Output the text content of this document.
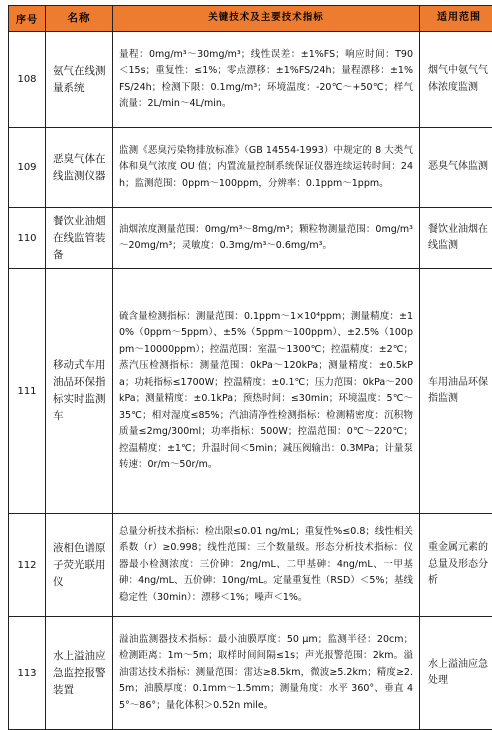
序号	名称	关键技术及主要技术指标	适用范围
108	氨气在线测量系统	量程：0mg/m³～30mg/m³；线性误差：±1%FS；响应时间：T90 ＜15s；重复性：≤1%；零点漂移：±1%FS/24h；量程漂移：±1%FS/24h；检测下限：0.1mg/m³；环境温度：-20℃～+50℃；样气流量：2L/min～4L/min。	烟气中氨气气体浓度监测
109	恶臭气体在线监测仪器	监测《恶臭污染物排放标准》（GB 14554-1993）中规定的 8 大类气体和臭气浓度 OU 值；内置流量控制系统保证仪器连续运转时间：24h；监测范围：0ppm～100ppm，分辨率：0.1ppm～1ppm。	恶臭气体监测
110	餐饮业油烟在线监管装备	油烟浓度测量范围：0mg/m³～8mg/m³；颗粒物测量范围：0mg/m³～20mg/m³；灵敏度：0.3mg/m³～0.6mg/m³。	餐饮业油烟在线监测
111	移动式车用油品环保指标实时监测车	硫含量检测指标：测量范围：0.1ppm～1×10⁴ppm；测量精度：±10%（0ppm～5ppm）、±5%（5ppm～100ppm）、±2.5%（100ppm～10000ppm）；控温范围：室温～1300℃；控温精度：±2℃；蒸汽压检测指标：测量范围：0kPa～120kPa；测量精度：±0.5kPa；功耗指标≤1700W；控温精度：±0.1℃；压力范围：0kPa～200kPa；测量精度：±0.1kPa；预热时间：≤30min；环境温度：5℃～35℃；相对湿度≤85%；汽油清净性检测指标：检测精密度：沉积物质量≤2mg/300ml；功率指标：500W；控温范围：0℃～220℃；控温精度：±1℃；升温时间＜5min；减压阀输出：0.3MPa；计量泵转速：0r/m～50r/m。	车用油品环保指监测
112	液相色谱原子荧光联用仪	总量分析技术指标：检出限≤0.01 ng/mL；重复性%≤0.8；线性相关系数（r）≥0.998；线性范围：三个数量级。形态分析技术指标：仪器最小检测浓度：三价砷：2ng/mL、二甲基砷：4ng/mL、一甲基砷：4ng/mL、五价砷：10ng/mL。定量重复性（RSD）＜5%；基线稳定性（30min）：漂移＜1%；噪声＜1%。	重金属元素的总量及形态分析
113	水上溢油应急监控报警装置	溢油监测器技术指标：最小油膜厚度：50 μm；监测半径：20cm；检测距离：1m～5m；取样时间间隔≤1s；声光报警范围：2km。溢油雷达技术指标：测量范围：雷达≥8.5km，微波≥5.2km；精度≥2.5m；油膜厚度：0.1mm～1.5mm；测量角度：水平 360°、垂直 45°～86°；量化体积＞0.52n mile。	水上溢油应急处理
